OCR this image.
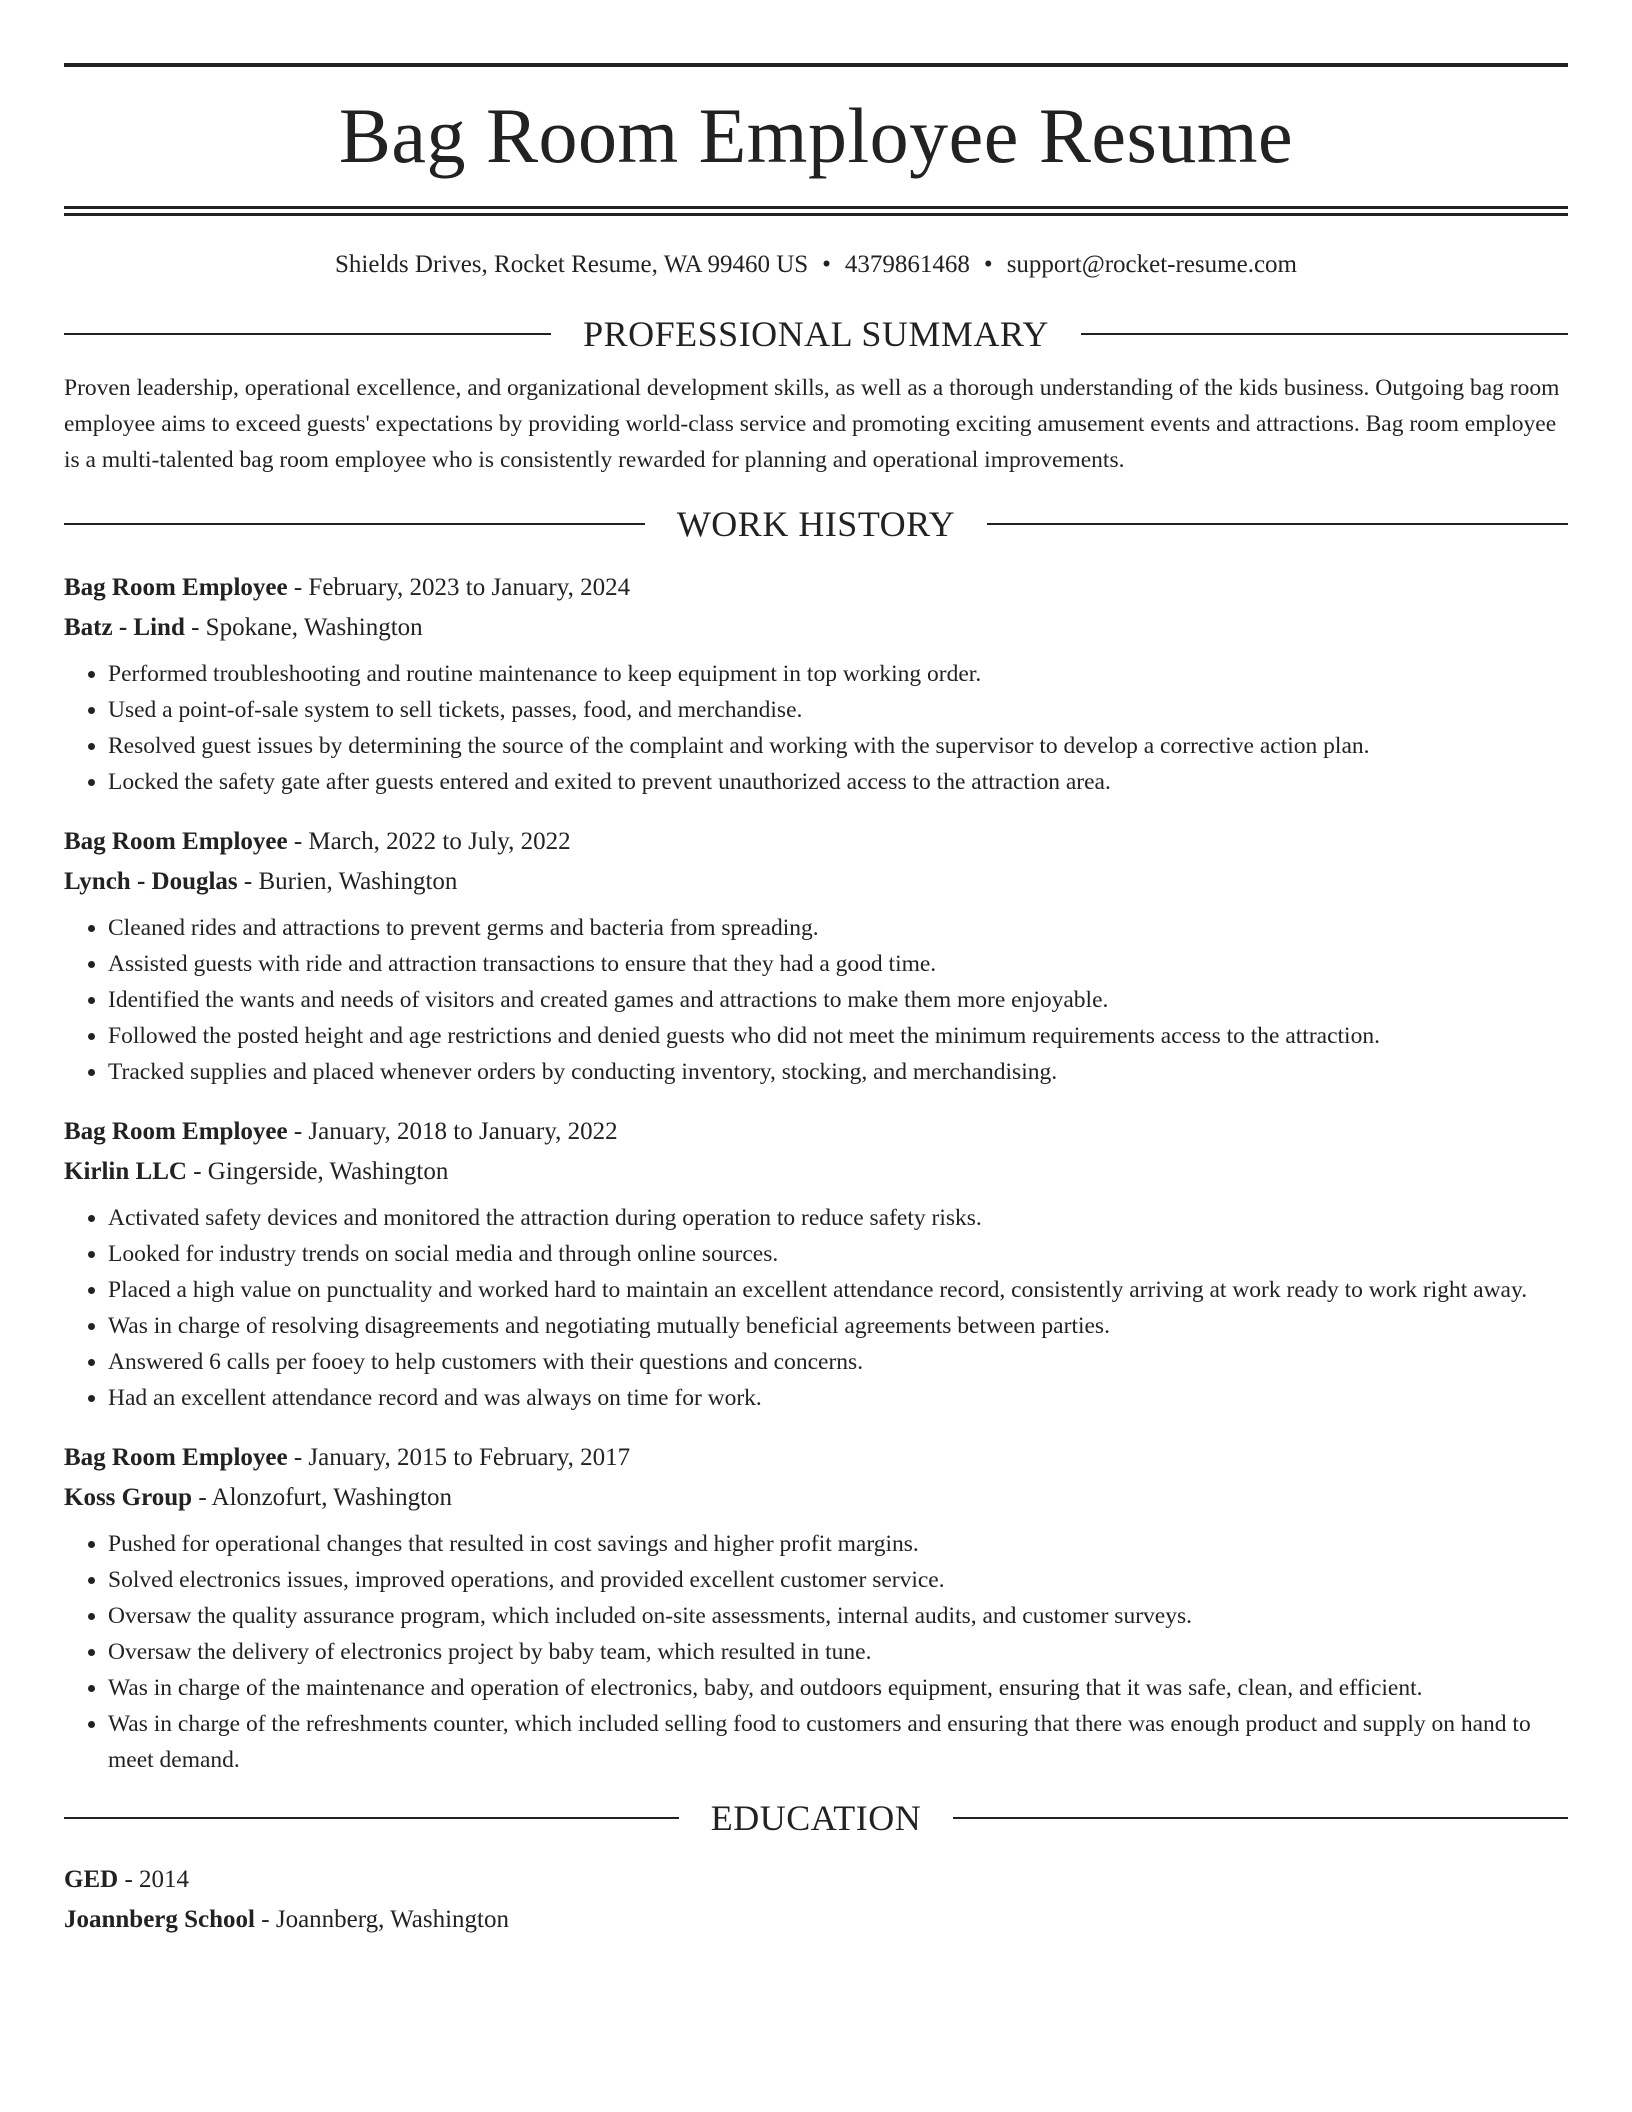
Bag Room Employee Resume
Shields Drives, Rocket Resume, WA 99460 US • 4379861468 • support@rocket-resume.com
PROFESSIONAL SUMMARY
Proven leadership, operational excellence, and organizational development skills, as well as a thorough understanding of the kids business. Outgoing bag room employee aims to exceed guests' expectations by providing world-class service and promoting exciting amusement events and attractions. Bag room employee is a multi-talented bag room employee who is consistently rewarded for planning and operational improvements.
WORK HISTORY
Bag Room Employee - February, 2023 to January, 2024
Batz - Lind - Spokane, Washington
• Performed troubleshooting and routine maintenance to keep equipment in top working order.
• Used a point-of-sale system to sell tickets, passes, food, and merchandise.
• Resolved guest issues by determining the source of the complaint and working with the supervisor to develop a corrective action plan.
• Locked the safety gate after guests entered and exited to prevent unauthorized access to the attraction area.
Bag Room Employee - March, 2022 to July, 2022
Lynch - Douglas - Burien, Washington
• Cleaned rides and attractions to prevent germs and bacteria from spreading.
• Assisted guests with ride and attraction transactions to ensure that they had a good time.
• Identified the wants and needs of visitors and created games and attractions to make them more enjoyable.
• Followed the posted height and age restrictions and denied guests who did not meet the minimum requirements access to the attraction.
• Tracked supplies and placed whenever orders by conducting inventory, stocking, and merchandising.
Bag Room Employee - January, 2018 to January, 2022
Kirlin LLC - Gingerside, Washington
• Activated safety devices and monitored the attraction during operation to reduce safety risks.
• Looked for industry trends on social media and through online sources.
• Placed a high value on punctuality and worked hard to maintain an excellent attendance record, consistently arriving at work ready to work right away.
• Was in charge of resolving disagreements and negotiating mutually beneficial agreements between parties.
• Answered 6 calls per fooey to help customers with their questions and concerns.
• Had an excellent attendance record and was always on time for work.
Bag Room Employee - January, 2015 to February, 2017
Koss Group - Alonzofurt, Washington
• Pushed for operational changes that resulted in cost savings and higher profit margins.
• Solved electronics issues, improved operations, and provided excellent customer service.
• Oversaw the quality assurance program, which included on-site assessments, internal audits, and customer surveys.
• Oversaw the delivery of electronics project by baby team, which resulted in tune.
• Was in charge of the maintenance and operation of electronics, baby, and outdoors equipment, ensuring that it was safe, clean, and efficient.
• Was in charge of the refreshments counter, which included selling food to customers and ensuring that there was enough product and supply on hand to meet demand.
EDUCATION
GED - 2014
Joannberg School - Joannberg, Washington
